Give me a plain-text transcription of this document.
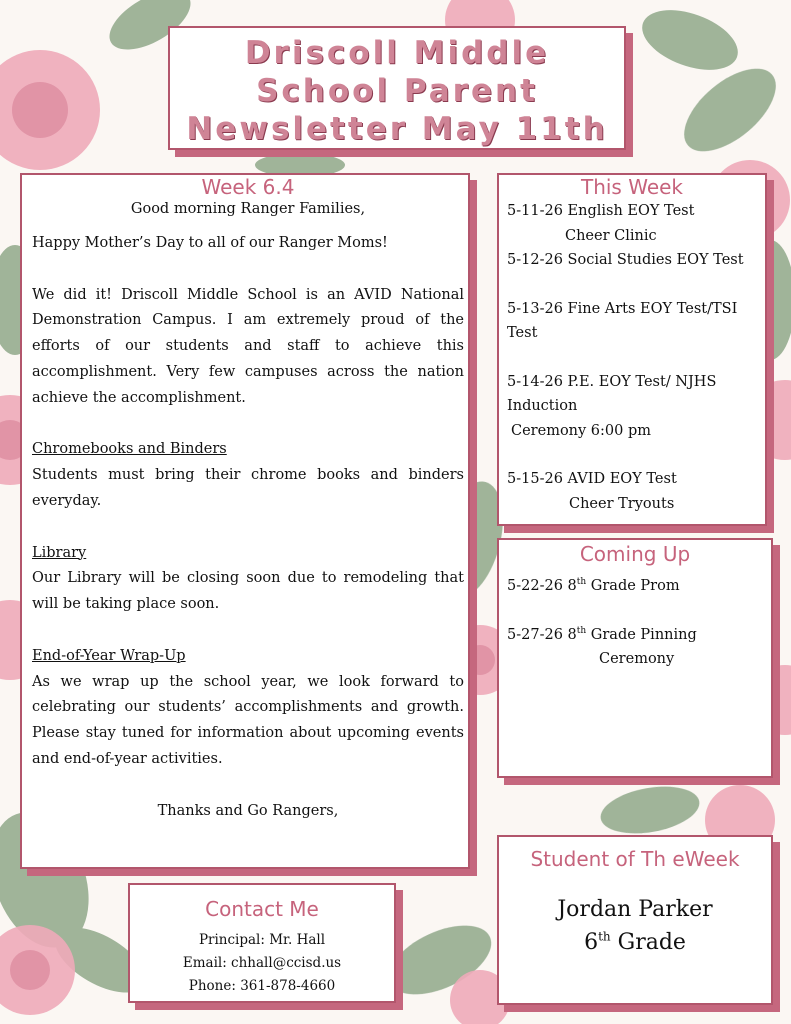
Driscoll Middle
School Parent
Newsletter May 11th
Week 6.4

Good morning Ranger Families,

Happy Mother’s Day to all of our Ranger Moms!

We did it! Driscoll Middle School is an AVID National Demonstration Campus. I am extremely proud of the efforts of our students and staff to achieve this accomplishment. Very few campuses across the nation achieve the accomplishment.

Chromebooks and Binders

Students must bring their chrome books and binders everyday.

Library

Our Library will be closing soon due to remodeling that will be taking place soon.

End-of-Year Wrap-Up

As we wrap up the school year, we look forward to celebrating our students’ accomplishments and growth. Please stay tuned for information about upcoming events and end-of-year activities.

Thanks and Go Rangers,

This Week

5-11-26 English EOY Test

Cheer Clinic

5-12-26 Social Studies EOY Test

5-13-26 Fine Arts EOY Test/TSI Test

5-14-26 P.E. EOY Test/ NJHS Induction

Ceremony 6:00 pm

5-15-26 AVID EOY Test

Cheer Tryouts

Coming Up

5-22-26 8th Grade Prom

5-27-26 8th Grade Pinning

Ceremony

Student of Th eWeek
Jordan Parker
6th Grade
Contact Me
Principal: Mr. Hall
Email: chhall@ccisd.us
Phone: 361-878-4660
